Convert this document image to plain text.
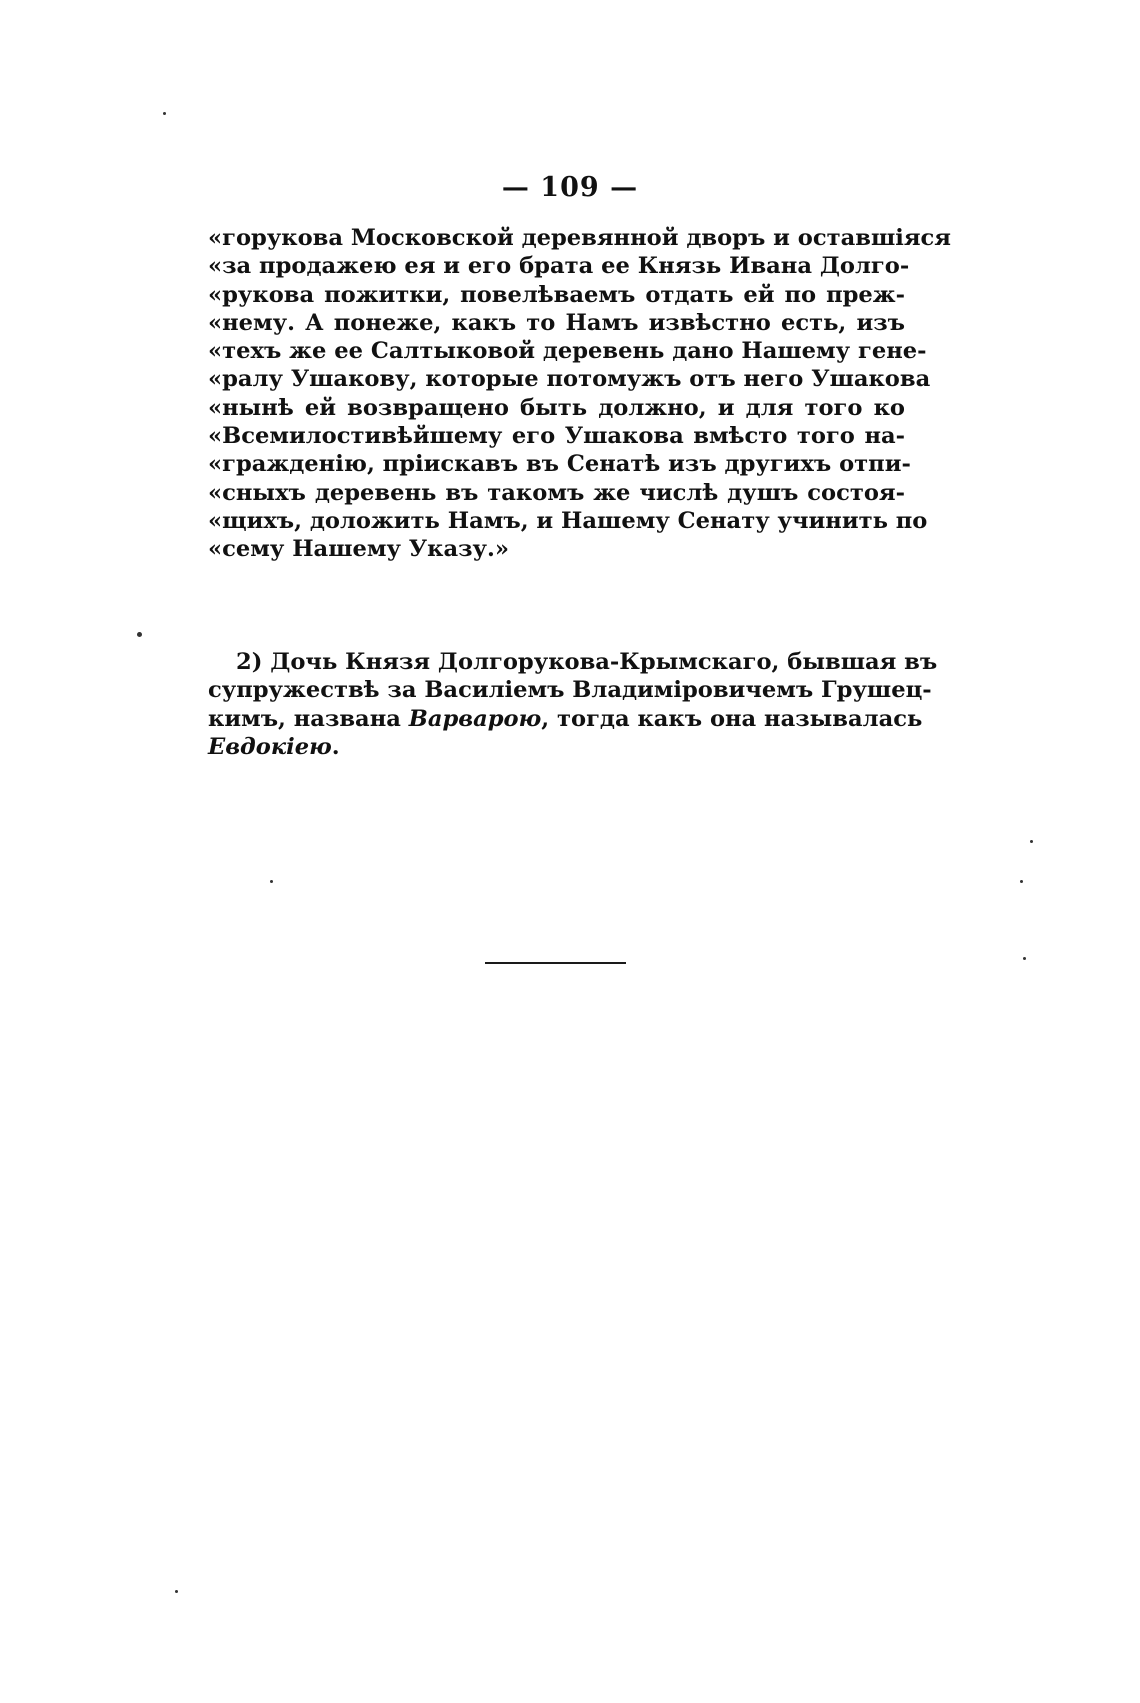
— 109 —
«горукова Московской деревянной дворъ и оставшіяся
«за продажею ея и его брата ее Князь Ивана Долго-
«рукова пожитки, повелѣваемъ отдать ей по преж-
«нему. А понеже, какъ то Намъ извѣстно есть, изъ
«техъ же ее Салтыковой деревень дано Нашему гене-
«ралу Ушакову, которые потомужъ отъ него Ушакова
«нынѣ ей возвращено быть должно, и для того ко
«Всемилостивѣйшему его Ушакова вмѣсто того на-
«гражденію, пріискавъ въ Сенатѣ изъ другихъ отпи-
«сныхъ деревень въ такомъ же числѣ душъ состоя-
«щихъ, доложить Намъ, и Нашему Сенату учинить по
«сему Нашему Указу.»
2) Дочь Князя Долгорукова-Крымскаго, бывшая въ
супружествѣ за Василіемъ Владиміровичемъ Грушец-
кимъ, названа Варварою, тогда какъ она называлась
Евдокіею.
